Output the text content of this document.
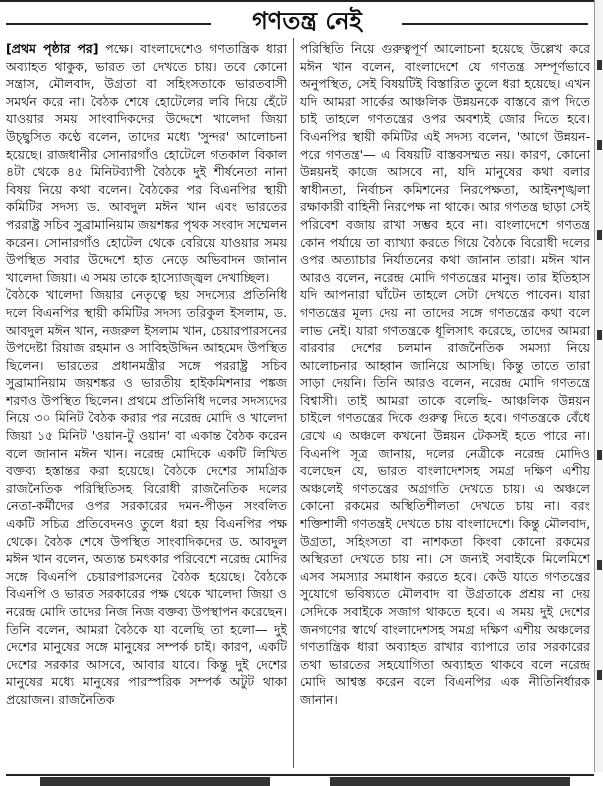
গণতন্ত্র নেই

[প্রথম পৃষ্ঠার পর] পক্ষে। বাংলাদেশেও গণতান্ত্রিক ধারা অব্যাহত থাকুক, ভারত তা দেখতে চায়। তবে কোনো সন্ত্রাস, মৌলবাদ, উগ্রতা বা সহিংসতাকে ভারতবাসী সমর্থন করে না। বৈঠক শেষে হোটেলের লবি দিয়ে হেঁটে যাওয়ার সময় সাংবাদিকদের উদ্দেশে খালেদা জিয়া উচ্ছ্বসিত কণ্ঠে বলেন, তাদের মধ্যে 'সুন্দর' আলোচনা হয়েছে। রাজধানীর সোনারগাঁও হোটেলে গতকাল বিকাল ৪টা থেকে ৪৫ মিনিটব্যাপী বৈঠকে দুই শীর্ষনেতা নানা বিষয় নিয়ে কথা বলেন। বৈঠকের পর বিএনপির স্থায়ী কমিটির সদস্য ড. আবদুল মঈন খান এবং ভারতের পররাষ্ট্র সচিব সুব্রামানিয়াম জয়শঙ্কর পৃথক সংবাদ সম্মেলন করেন। সোনারগাঁও হোটেল থেকে বেরিয়ে যাওয়ার সময় উপস্থিত সবার উদ্দেশে হাত নেড়ে অভিবাদন জানান খালেদা জিয়া। এ সময় তাকে হাস্যোজ্জ্বল দেখাচ্ছিল।

বৈঠকে খালেদা জিয়ার নেতৃত্বে ছয় সদস্যের প্রতিনিধি দলে বিএনপির স্থায়ী কমিটির সদস্য তরিকুল ইসলাম, ড. আবদুল মঈন খান, নজরুল ইসলাম খান, চেয়ারপারসনের উপদেষ্টা রিয়াজ রহমান ও সাবিহউদ্দিন আহমেদ উপস্থিত ছিলেন। ভারতের প্রধানমন্ত্রীর সঙ্গে পররাষ্ট্র সচিব সুব্রামানিয়াম জয়শঙ্কর ও ভারতীয় হাইকমিশনার পঙ্কজ শরণও উপস্থিত ছিলেন। প্রথমে প্রতিনিধি দলের সদস্যদের নিয়ে ৩০ মিনিট বৈঠক করার পর নরেন্দ্র মোদি ও খালেদা জিয়া ১৫ মিনিট 'ওয়ান-টু ওয়ান' বা একান্ত বৈঠক করেন বলে জানান মঈন খান। নরেন্দ্র মোদিকে একটি লিখিত বক্তব্য হস্তান্তর করা হয়েছে। বৈঠকে দেশের সামগ্রিক রাজনৈতিক পরিস্থিতিসহ বিরোধী রাজনৈতিক দলের নেতা-কর্মীদের ওপর সরকারের দমন-পীড়ন সংবলিত একটি সচিত্র প্রতিবেদনও তুলে ধরা হয় বিএনপির পক্ষ থেকে। বৈঠক শেষে উপস্থিত সাংবাদিকদের ড. আবদুল মঈন খান বলেন, অত্যন্ত চমৎকার পরিবেশে নরেন্দ্র মোদির সঙ্গে বিএনপি চেয়ারপারসনের বৈঠক হয়েছে। বৈঠকে বিএনপি ও ভারত সরকারের পক্ষ থেকে খালেদা জিয়া ও নরেন্দ্র মোদি তাদের নিজ নিজ বক্তব্য উপস্থাপন করেছেন। তিনি বলেন, আমরা বৈঠকে যা বলেছি তা হলো— দুই দেশের মানুষের সঙ্গে মানুষের সম্পর্ক চাই। কারণ, একটি দেশের সরকার আসবে, আবার যাবে। কিন্তু দুই দেশের মানুষের মধ্যে মানুষের পারস্পরিক সম্পর্ক অটুট থাকা প্রয়োজন। রাজনৈতিক

পরিস্থিতি নিয়ে গুরুত্বপূর্ণ আলোচনা হয়েছে উল্লেখ করে মঈন খান বলেন, বাংলাদেশে যে গণতন্ত্র সম্পূর্ণভাবে অনুপস্থিত, সেই বিষয়টিই বিস্তারিত তুলে ধরা হয়েছে। এখন যদি আমরা সার্কের আঞ্চলিক উন্নয়নকে বাস্তবে রূপ দিতে চাই তাহলে গণতন্ত্রের ওপর অবশ্যই জোর দিতে হবে। বিএনপির স্থায়ী কমিটির এই সদস্য বলেন, 'আগে উন্নয়ন-পরে গণতন্ত্র'— এ বিষয়টি বাস্তবসম্মত নয়। কারণ, কোনো উন্নয়নই কাজে আসবে না, যদি মানুষের কথা বলার স্বাধীনতা, নির্বাচন কমিশনের নিরপেক্ষতা, আইনশৃঙ্খলা রক্ষাকারী বাহিনী নিরপেক্ষ না থাকে। আর গণতন্ত্র ছাড়া সেই পরিবেশ বজায় রাখা সম্ভব হবে না। বাংলাদেশে গণতন্ত্র কোন পর্যায়ে তা ব্যাখ্যা করতে গিয়ে বৈঠকে বিরোধী দলের ওপর অত্যাচার নির্যাতনের কথা জানান তারা। মঈন খান আরও বলেন, নরেন্দ্র মোদি গণতন্ত্রের মানুষ। তার ইতিহাস যদি আপনারা ঘাঁটেন তাহলে সেটা দেখতে পাবেন। যারা গণতন্ত্রের মূল্য দেয় না তাদের সঙ্গে গণতন্ত্রের কথা বলে লাভ নেই। যারা গণতন্ত্রকে ধূলিসাৎ করেছে, তাদের আমরা বারবার দেশের চলমান রাজনৈতিক সমস্যা নিয়ে আলোচনার আহ্বান জানিয়ে আসছি। কিন্তু তাতে তারা সাড়া দেয়নি। তিনি আরও বলেন, নরেন্দ্র মোদি গণতন্ত্রে বিশ্বাসী। তাই আমরা তাকে বলেছি- আঞ্চলিক উন্নয়ন চাইলে গণতন্ত্রের দিকে গুরুত্ব দিতে হবে। গণতন্ত্রকে বেঁধে রেখে এ অঞ্চলে কখনো উন্নয়ন টেকসই হতে পারে না। বিএনপি সূত্র জানায়, দলের নেত্রীকে নরেন্দ্র মোদিও বলেছেন যে, ভারত বাংলাদেশসহ সমগ্র দক্ষিণ এশীয় অঞ্চলেই গণতন্ত্রের অগ্রগতি দেখতে চায়। এ অঞ্চলে কোনো রকমের অস্থিতিশীলতা দেখতে চায় না। বরং শক্তিশালী গণতন্ত্রই দেখতে চায় বাংলাদেশে। কিন্তু মৌলবাদ, উগ্রতা, সহিংসতা বা নাশকতা কিংবা কোনো রকমের অস্থিরতা দেখতে চায় না। সে জন্যই সবাইকে মিলেমিশে এসব সমস্যার সমাধান করতে হবে। কেউ যাতে গণতন্ত্রের সুযোগে ভবিষ্যতে মৌলবাদ বা উগ্রতাকে প্রশ্রয় না দেয় সেদিকে সবাইকে সজাগ থাকতে হবে। এ সময় দুই দেশের জনগণের স্বার্থে বাংলাদেশসহ সমগ্র দক্ষিণ এশীয় অঞ্চলের গণতান্ত্রিক ধারা অব্যাহত রাখার ব্যাপারে তার সরকারের তথা ভারতের সহযোগিতা অব্যাহত থাকবে বলে নরেন্দ্র মোদি আশ্বস্ত করেন বলে বিএনপির এক নীতিনির্ধারক জানান।
